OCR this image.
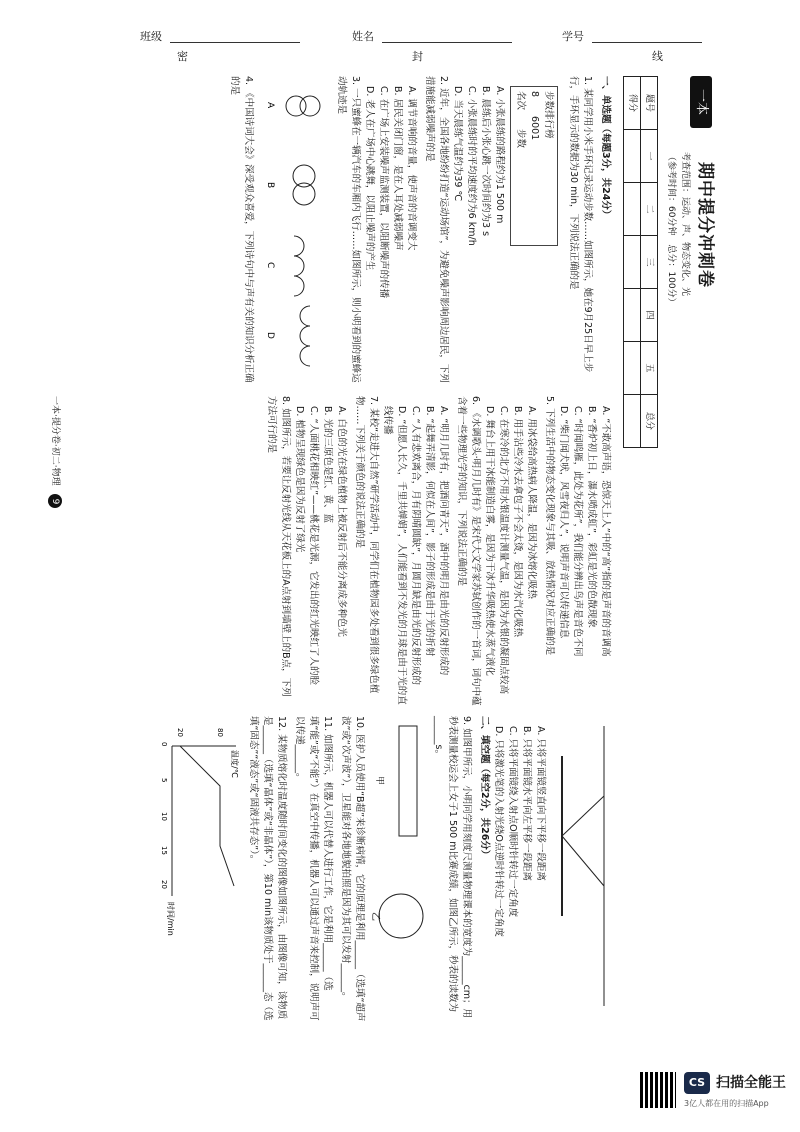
班级	姓名	学号
密	封	线
一本
期中提分冲刺卷
考查范围：运动、声、物态变化、光
（参考时间：60分钟　总分：100分）
题号	一	二	三	四	五	总分
得分						
一、单选题（每题3分，共24分）
1. 某同学用小米手环记录运动步数……如图所示，她在9月25日早上步行，手环显示的数据为30 min，下列说法正确的是
步数排行榜
8　　6001
名次　　步数
A. 小张晨练的路程约为1 500 m
B. 晨练后小张心跳一次时间约为3 s
C. 小张晨练时的平均速度约为6 km/h
D. 当天晨练气温约为39 ℃
2. 近年，全国各地纷纷打造“运动场馆”，为避免噪声影响周边居民，下列措施能减弱噪声的是
A. 调节音响的音量，使声音的音调变大
B. 居民关闭门窗，是在人耳处减弱噪声
C. 在广场上安装噪声监测装置，以阻断噪声的传播
D. 老人在广场中心跳舞，以阻止噪声的产生
3. 一只蜜蜂在一辆汽车的车厢内飞行……如图所示，则小明看到的蜜蜂运动轨迹是
A
B
C
D
4. 《中国诗词大会》深受观众喜爱，下列诗句中与声有关的知识分析正确的是
A. “不敢高声语，恐惊天上人”中的“高”指的是声音的音调高
B. “香炉初上日，瀑水喷成虹”，彩虹是光的色散现象
C. “时闻鸣雁，此处为花所”，我们能分辨出鸟声是音色不同
D. “柴门闻犬吠，风雪夜归人”，说明声音可以传递信息
5. 下列生活中的物态变化现象与其吸、放热情况对应正确的是
A. 用冰袋给高热病人降温，是因为冰熔化吸热
B. 用手沾些冷水去拿包子不会太烫，是因为水汽化吸热
C. 在寒冷的北方不用水银温度计测量气温，是因为水银的凝固点较高
D. 舞台上用干冰能制造白雾，是因为干冰升华吸热使水蒸气液化
6. 《水调歌头·明月几时有》是宋代大文学家苏轼创作的一首词，词句中蕴含着一些物理光学的知识，下列说法正确的是
A. “明月几时有，把酒问青天”，酒中的明月是由光的反射形成的
B. “起舞弄清影，何似在人间”，影子的形成是由于光的折射
C. “人有悲欢离合，月有阴晴圆缺”，月圆月缺是由光的反射形成的
D. “但愿人长久，千里共婵娟”，人们能看到不发光的月球是由于光的直线传播
7. 某校“走进大自然”研学活动中，同学们在植物园多处看到很多绿色植物……下列关于颜色的说法正确的是
A. 白色的光在绿色植物上被反射后不能分离成多种色光
B. 光的三原色是红、黄、蓝
C. “人面桃花相映红”——桃花是光源，它发出的红光映红了人的脸
D. 植物呈现绿色是因为反射了绿光
8. 如图所示，若要让反射光线从天花板上的A点射到墙壁上的B点，下列方法可行的是
A. 只将平面镜竖直向下平移一段距离
B. 只将平面镜水平向左平移一段距离
C. 只将平面镜绕入射点O顺时针转过一定角度
D. 只将激光笔的入射光绕O点逆时针转过一定角度
二、填空题（每空2分，共26分）
9. 如图甲所示，小明同学用刻度尺测量物理课本的宽度为______cm；用秒表测量校运会上女子1 500 m比赛成绩，如图乙所示，秒表的读数为______s。
甲
乙
10. 医护人员使用“B超”来诊断病情，它的原理是利用______（选填“超声波”或“次声波”），卫星能对各地地貌拍照是因为其可以发射______。
11. 如图所示，机器人可以代替人进行工作，它是利用______（选填“能”或“不能”）在真空中传播，机器人可以通过声音来控制，说明声可以传递______。
12. 某物质熔化时温度随时间变化的图像如图所示，由图像可知，该物质是______（选填“晶体”或“非晶体”），第10 min该物质处于______态（选填“固态”“液态”或“固液共存态”）。
温度/℃
时间/min
0
5
10
15
20
20	80
一本·提分卷·初二·物理 9
CS 扫描全能王
3亿人都在用的扫描App
